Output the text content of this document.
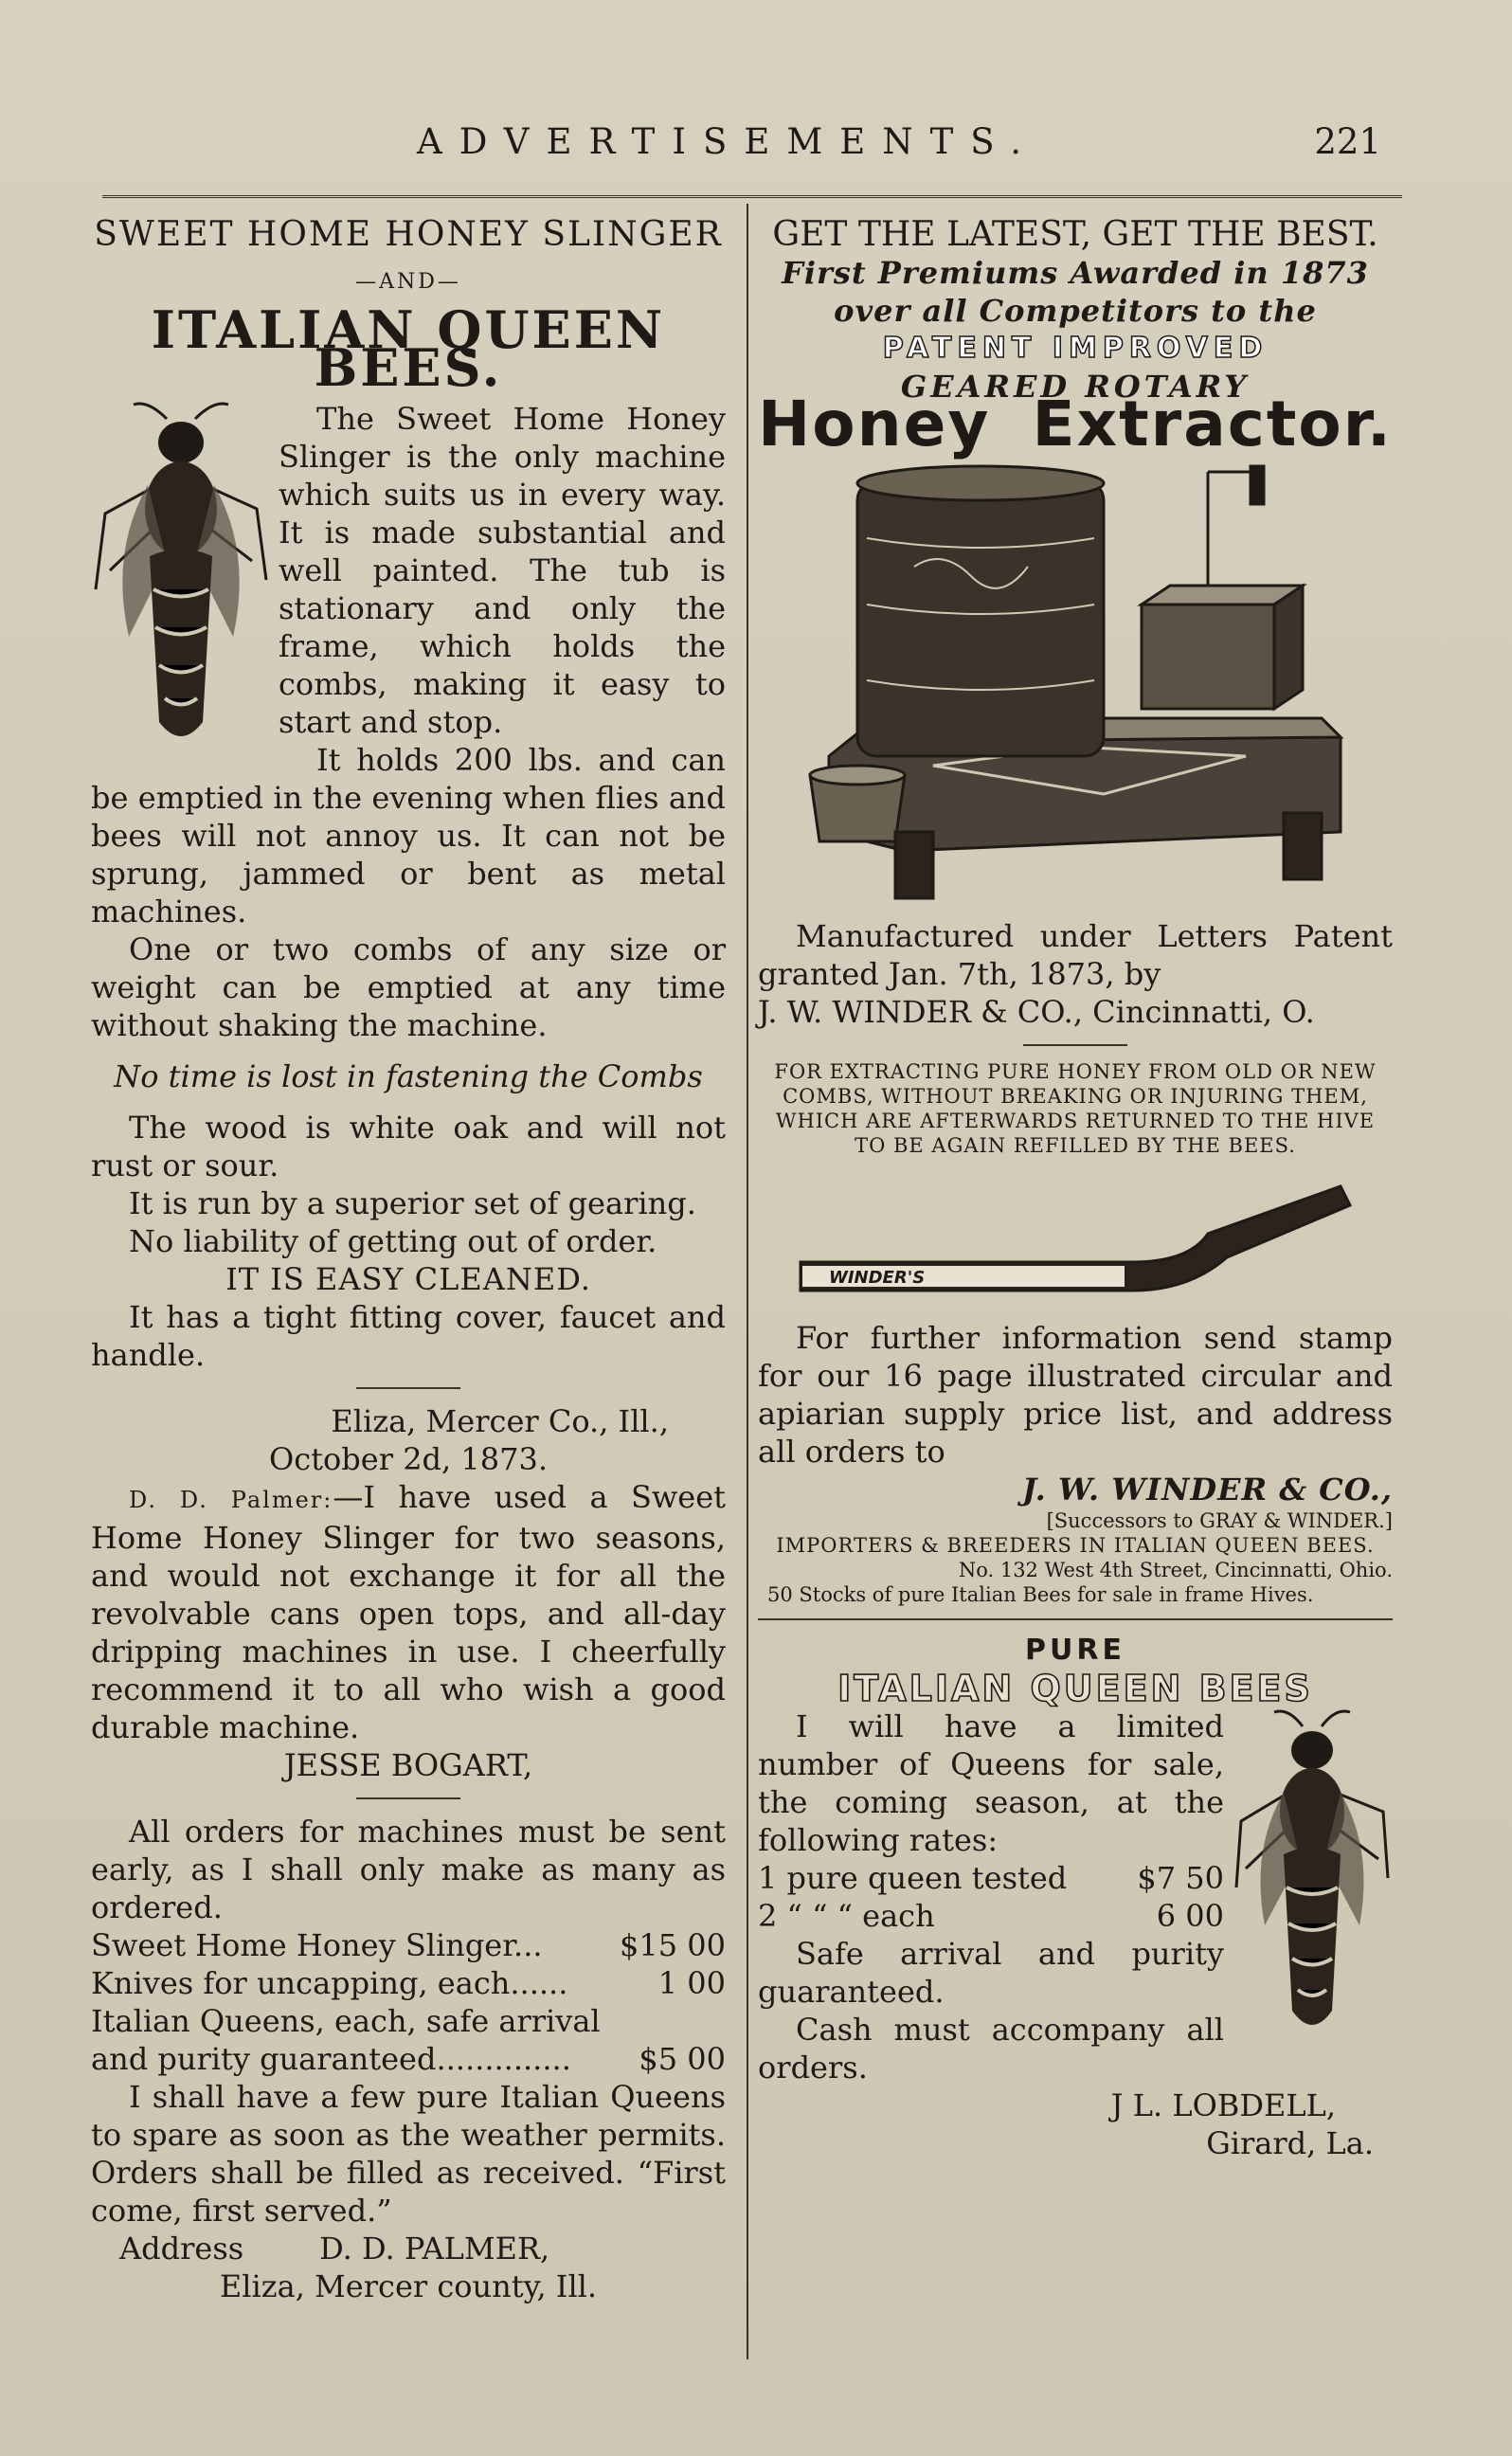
ADVERTISEMENTS.	221

SWEET HOME HONEY SLINGER

—AND—

ITALIAN QUEEN BEES.

The Sweet Home Honey Slinger is the only machine which suits us in every way. It is made substantial and well painted. The tub is stationary and only the frame, which holds the combs, making it easy to start and stop.

It holds 200 lbs. and can be emptied in the evening when flies and bees will not annoy us. It can not be sprung, jammed or bent as metal machines.

One or two combs of any size or weight can be emptied at any time without shaking the machine.

No time is lost in fastening the Combs

The wood is white oak and will not rust or sour.

It is run by a superior set of gearing.

No liability of getting out of order.

IT IS EASY CLEANED.

It has a tight fitting cover, faucet and handle.

Eliza, Mercer Co., Ill.,

October 2d, 1873.

D. D. Palmer:—I have used a Sweet Home Honey Slinger for two seasons, and would not exchange it for all the revolvable cans open tops, and all-day dripping machines in use. I cheerfully recommend it to all who wish a good durable machine.

JESSE BOGART,

All orders for machines must be sent early, as I shall only make as many as ordered.

Sweet Home Honey Slinger...	$15 00
Knives for uncapping, each......	1 00
Italian Queens, each, safe arrival and purity guaranteed..............	$5 00

I shall have a few pure Italian Queens to spare as soon as the weather permits. Orders shall be filled as received. “First come, first served.”

Address	D. D. PALMER,

Eliza, Mercer county, Ill.

GET THE LATEST, GET THE BEST.

First Premiums Awarded in 1873

over all Competitors to the

PATENT IMPROVED

GEARED ROTARY

Honey Extractor.

Manufactured under Letters Patent granted Jan. 7th, 1873, by

J. W. WINDER & CO., Cincinnatti, O.

FOR EXTRACTING PURE HONEY FROM OLD OR NEW COMBS, WITHOUT BREAKING OR INJURING THEM, WHICH ARE AFTERWARDS RETURNED TO THE HIVE TO BE AGAIN REFILLED BY THE BEES.

WINDER'S

For further information send stamp for our 16 page illustrated circular and apiarian supply price list, and address all orders to

J. W. WINDER & CO.,

[Successors to GRAY & WINDER.]

IMPORTERS & BREEDERS IN ITALIAN QUEEN BEES.

No. 132 West 4th Street, Cincinnatti, Ohio.

50 Stocks of pure Italian Bees for sale in frame Hives.

PURE

ITALIAN QUEEN BEES

I will have a limited number of Queens for sale, the coming season, at the following rates:

1 pure queen tested $7 50
2 “ “ “ each	6 00

Safe arrival and purity guaranteed.

Cash must accompany all orders.

J L. LOBDELL,

Girard, La.
